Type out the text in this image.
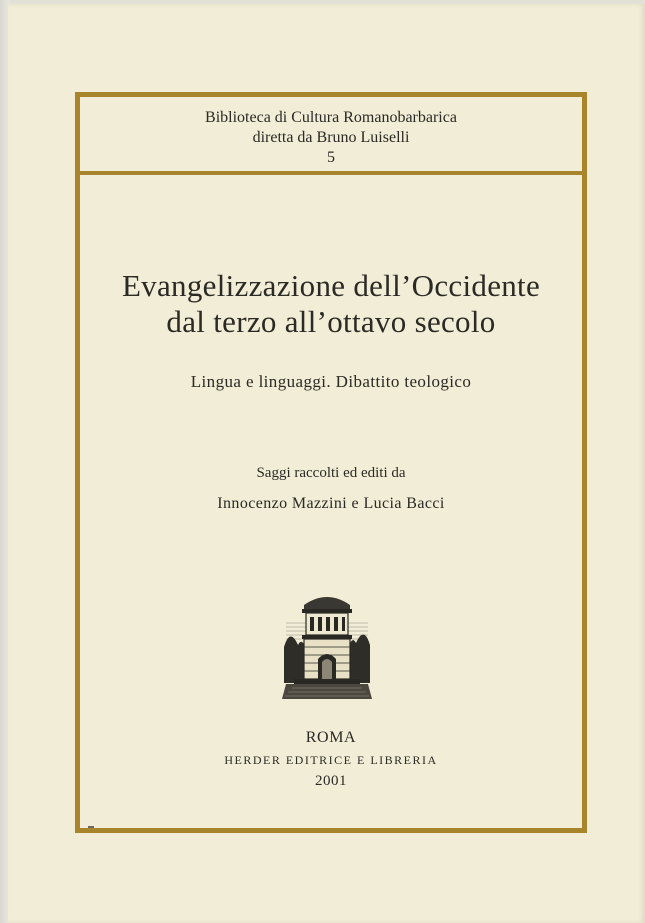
Biblioteca di Cultura Romanobarbarica
diretta da Bruno Luiselli
5
Evangelizzazione dell’Occidente
dal terzo all’ottavo secolo
Lingua e linguaggi. Dibattito teologico
Saggi raccolti ed editi da
Innocenzo Mazzini e Lucia Bacci
ROMA
HERDER EDITRICE E LIBRERIA
2001
